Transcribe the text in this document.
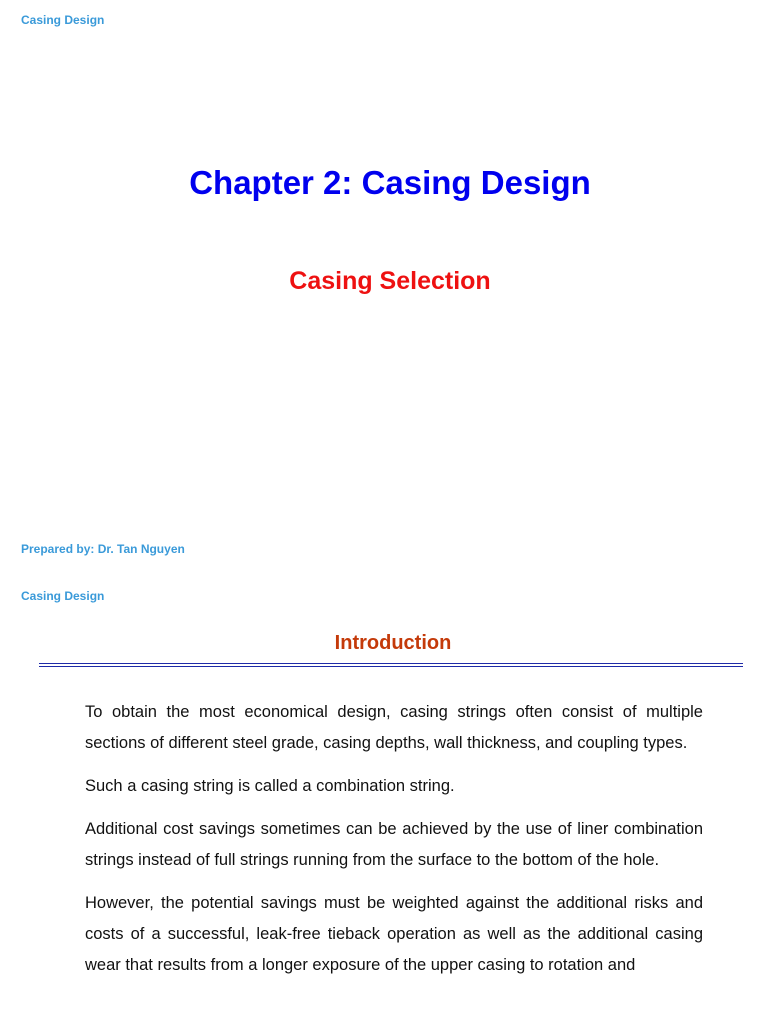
Casing Design
Chapter 2: Casing Design
Casing Selection
Prepared by: Dr. Tan Nguyen
Casing Design
Introduction

To obtain the most economical design, casing strings often consist of multiple sections of different steel grade, casing depths, wall thickness, and coupling types.

Such a casing string is called a combination string.

Additional cost savings sometimes can be achieved by the use of liner combination strings instead of full strings running from the surface to the bottom of the hole.

However, the potential savings must be weighted against the additional risks and costs of a successful, leak-free tieback operation as well as the additional casing wear that results from a longer exposure of the upper casing to rotation and
